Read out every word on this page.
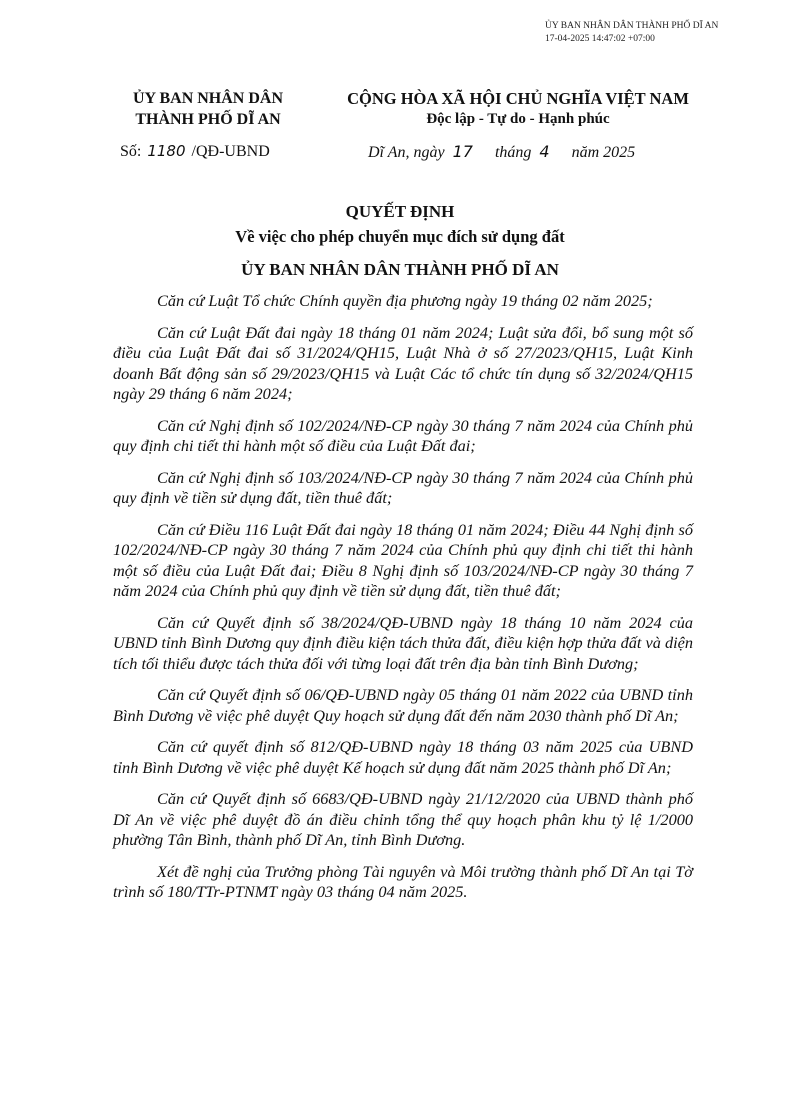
ỦY BAN NHÂN DÂN THÀNH PHỐ DĨ AN
17-04-2025 14:47:02 +07:00
ỦY BAN NHÂN DÂN
THÀNH PHỐ DĨ AN
CỘNG HÒA XÃ HỘI CHỦ NGHĨA VIỆT NAM
Độc lập - Tự do - Hạnh phúc
Số: 1180 /QĐ-UBND	Dĩ An, ngày 17 tháng 4 năm 2025
QUYẾT ĐỊNH
Về việc cho phép chuyển mục đích sử dụng đất
ỦY BAN NHÂN DÂN THÀNH PHỐ DĨ AN

Căn cứ Luật Tổ chức Chính quyền địa phương ngày 19 tháng 02 năm 2025;

Căn cứ Luật Đất đai ngày 18 tháng 01 năm 2024; Luật sửa đổi, bổ sung một số điều của Luật Đất đai số 31/2024/QH15, Luật Nhà ở số 27/2023/QH15, Luật Kinh doanh Bất động sản số 29/2023/QH15 và Luật Các tổ chức tín dụng số 32/2024/QH15 ngày 29 tháng 6 năm 2024;

Căn cứ Nghị định số 102/2024/NĐ-CP ngày 30 tháng 7 năm 2024 của Chính phủ quy định chi tiết thi hành một số điều của Luật Đất đai;

Căn cứ Nghị định số 103/2024/NĐ-CP ngày 30 tháng 7 năm 2024 của Chính phủ quy định về tiền sử dụng đất, tiền thuê đất;

Căn cứ Điều 116 Luật Đất đai ngày 18 tháng 01 năm 2024; Điều 44 Nghị định số 102/2024/NĐ-CP ngày 30 tháng 7 năm 2024 của Chính phủ quy định chi tiết thi hành một số điều của Luật Đất đai; Điều 8 Nghị định số 103/2024/NĐ-CP ngày 30 tháng 7 năm 2024 của Chính phủ quy định về tiền sử dụng đất, tiền thuê đất;

Căn cứ Quyết định số 38/2024/QĐ-UBND ngày 18 tháng 10 năm 2024 của UBND tỉnh Bình Dương quy định điều kiện tách thửa đất, điều kiện hợp thửa đất và diện tích tối thiểu được tách thửa đối với từng loại đất trên địa bàn tỉnh Bình Dương;

Căn cứ Quyết định số 06/QĐ-UBND ngày 05 tháng 01 năm 2022 của UBND tỉnh Bình Dương về việc phê duyệt Quy hoạch sử dụng đất đến năm 2030 thành phố Dĩ An;

Căn cứ quyết định số 812/QĐ-UBND ngày 18 tháng 03 năm 2025 của UBND tỉnh Bình Dương về việc phê duyệt Kế hoạch sử dụng đất năm 2025 thành phố Dĩ An;

Căn cứ Quyết định số 6683/QĐ-UBND ngày 21/12/2020 của UBND thành phố Dĩ An về việc phê duyệt đồ án điều chỉnh tổng thể quy hoạch phân khu tỷ lệ 1/2000 phường Tân Bình, thành phố Dĩ An, tỉnh Bình Dương.

Xét đề nghị của Trưởng phòng Tài nguyên và Môi trường thành phố Dĩ An tại Tờ trình số 180/TTr-PTNMT ngày 03 tháng 04 năm 2025.
